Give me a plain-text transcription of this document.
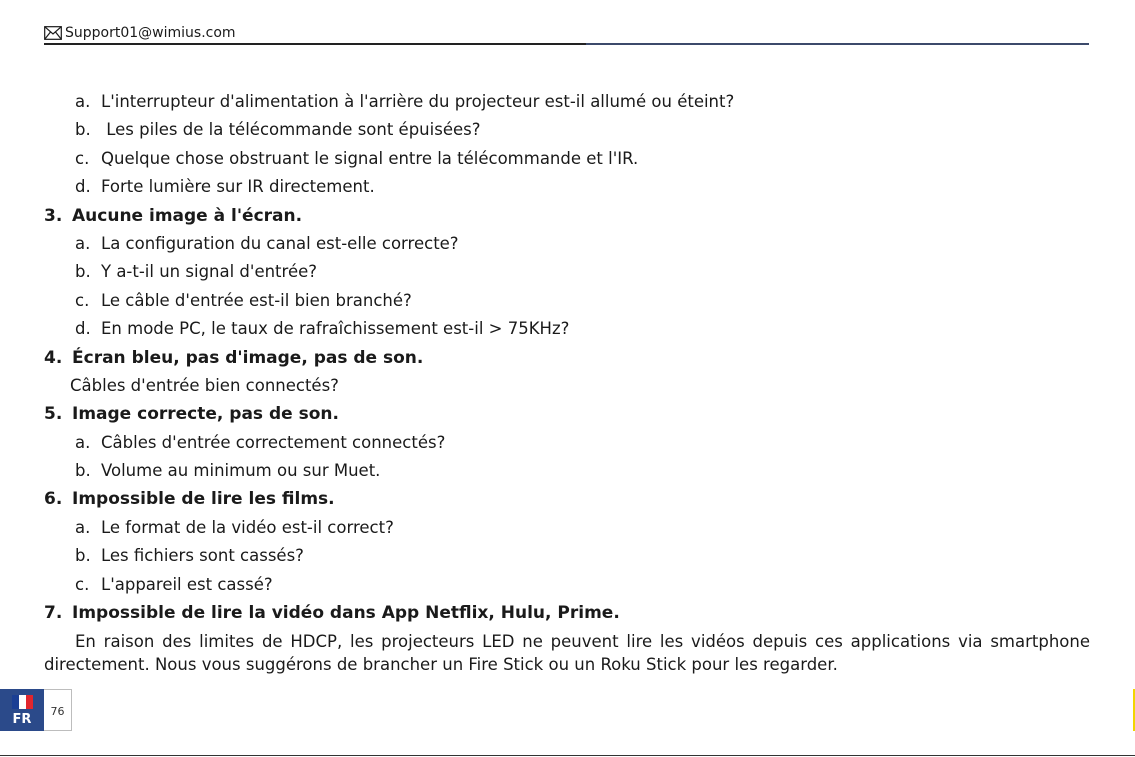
Support01@wimius.com
a. L'interrupteur d'alimentation à l'arrière du projecteur est-il allumé ou éteint?
b. Les piles de la télécommande sont épuisées?
c. Quelque chose obstruant le signal entre la télécommande et l'IR.
d. Forte lumière sur IR directement.
3. Aucune image à l'écran.
a. La configuration du canal est-elle correcte?
b. Y a-t-il un signal d'entrée?
c. Le câble d'entrée est-il bien branché?
d. En mode PC, le taux de rafraîchissement est-il > 75KHz?
4. Écran bleu, pas d'image, pas de son.
Câbles d'entrée bien connectés?
5. Image correcte, pas de son.
a. Câbles d'entrée correctement connectés?
b. Volume au minimum ou sur Muet.
6. Impossible de lire les films.
a. Le format de la vidéo est-il correct?
b. Les fichiers sont cassés?
c. L'appareil est cassé?
7. Impossible de lire la vidéo dans App Netflix, Hulu, Prime.
En raison des limites de HDCP, les projecteurs LED ne peuvent lire les vidéos depuis ces applications via smartphone directement. Nous vous suggérons de brancher un Fire Stick ou un Roku Stick pour les regarder.
FR
76
